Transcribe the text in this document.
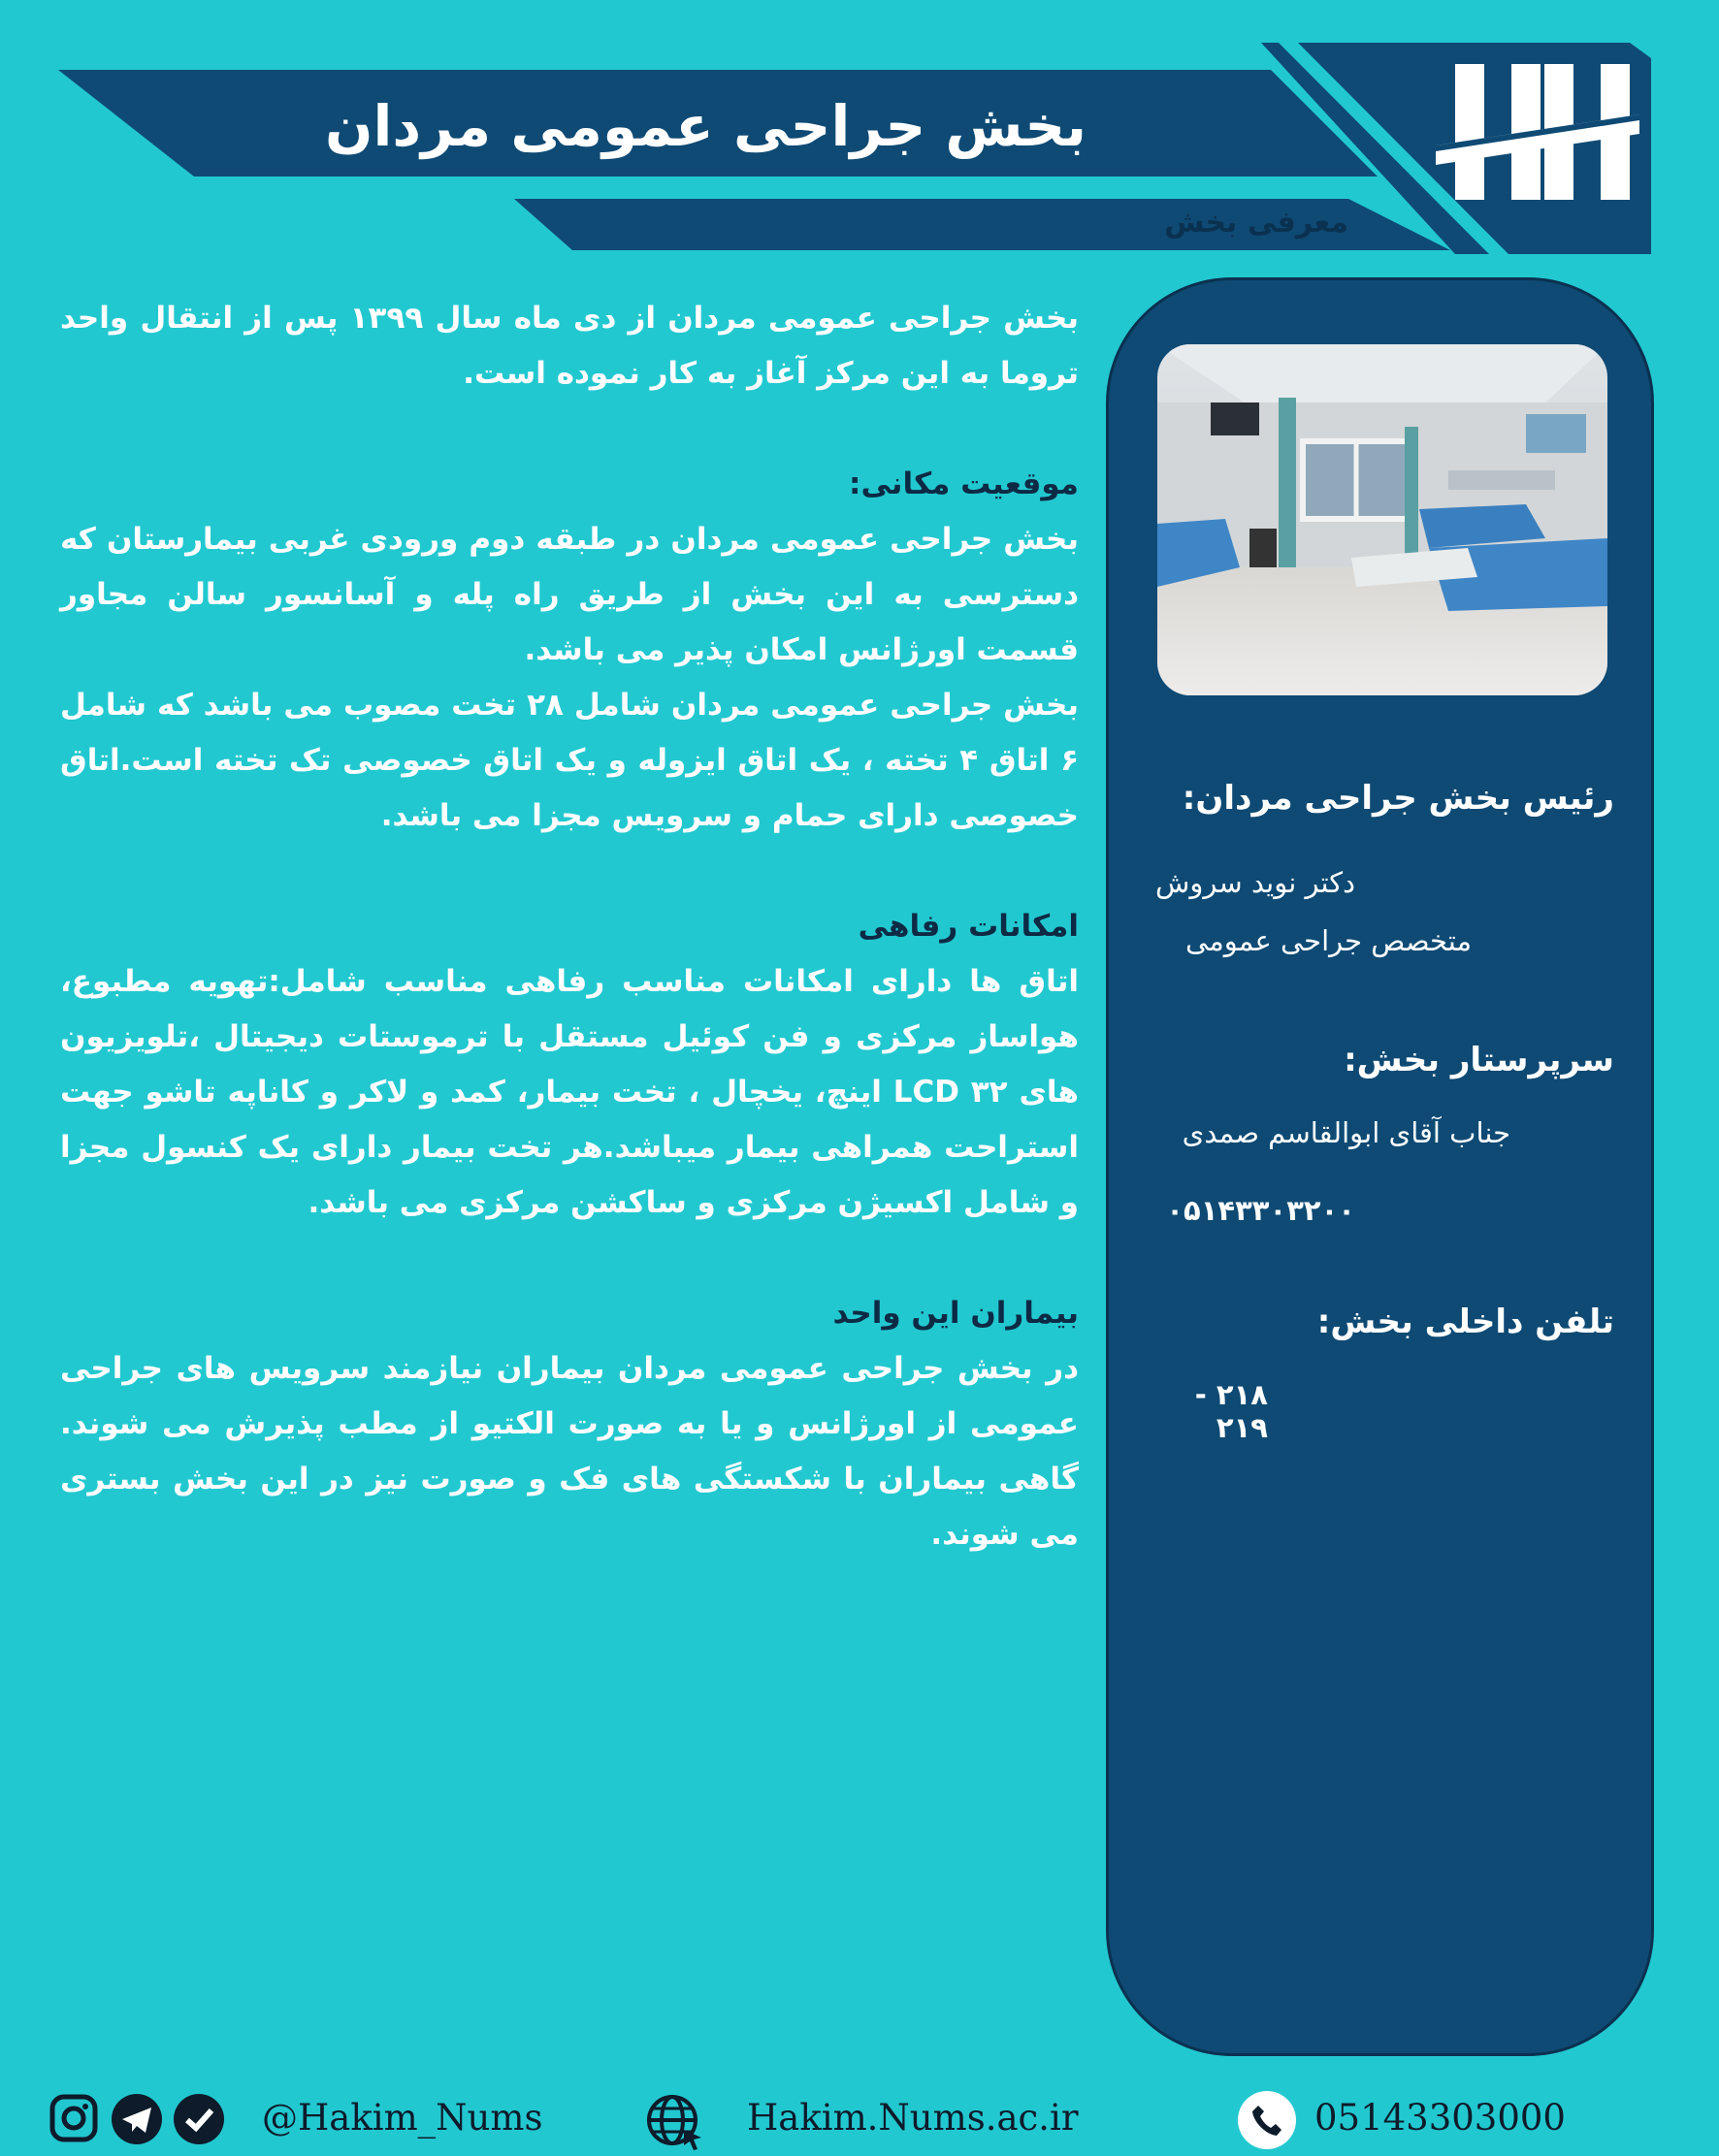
بخش جراحی عمومی مردان
معرفی بخش

بخش جراحی عمومی مردان از دی ماه سال ۱۳۹۹ پس از انتقال واحد تروما به این مرکز آغاز به کار نموده است.

موقعیت مکانی:

بخش جراحی عمومی مردان در طبقه دوم ورودی غربی بیمارستان که دسترسی به این بخش از طریق راه پله و آسانسور سالن مجاور قسمت اورژانس امکان پذیر می باشد.

بخش جراحی عمومی مردان شامل ۲۸ تخت مصوب می باشد که شامل ۶ اتاق ۴ تخته ، یک اتاق ایزوله و یک اتاق خصوصی تک تخته است.اتاق خصوصی دارای حمام و سرویس مجزا می باشد.

امکانات رفاهی

اتاق ها دارای امکانات مناسب رفاهی مناسب شامل:تهویه مطبوع، هواساز مرکزی و فن کوئیل مستقل با ترموستات دیجیتال ،تلویزیون های LCD ۳۲ اینچ، یخچال ، تخت بیمار، کمد و لاکر و کاناپه تاشو جهت استراحت همراهی بیمار میباشد.هر تخت بیمار دارای یک کنسول مجزا و شامل اکسیژن مرکزی و ساکشن مرکزی می باشد.

بیماران این واحد

در بخش جراحی عمومی مردان بیماران نیازمند سرویس های جراحی عمومی از اورژانس و یا به صورت الکتیو از مطب پذیرش می شوند. گاهی بیماران با شکستگی های فک و صورت نیز در این بخش بستری می شوند.

رئیس بخش جراحی مردان:
دکتر نوید سروش
متخصص جراحی عمومی
سرپرستار بخش:
جناب آقای ابوالقاسم صمدی
۰۵۱۴۳۳۰۳۲۰۰
تلفن داخلی بخش:
۲۱۸ - ۲۱۹
@Hakim_Nums	Hakim.Nums.ac.ir	05143303000
